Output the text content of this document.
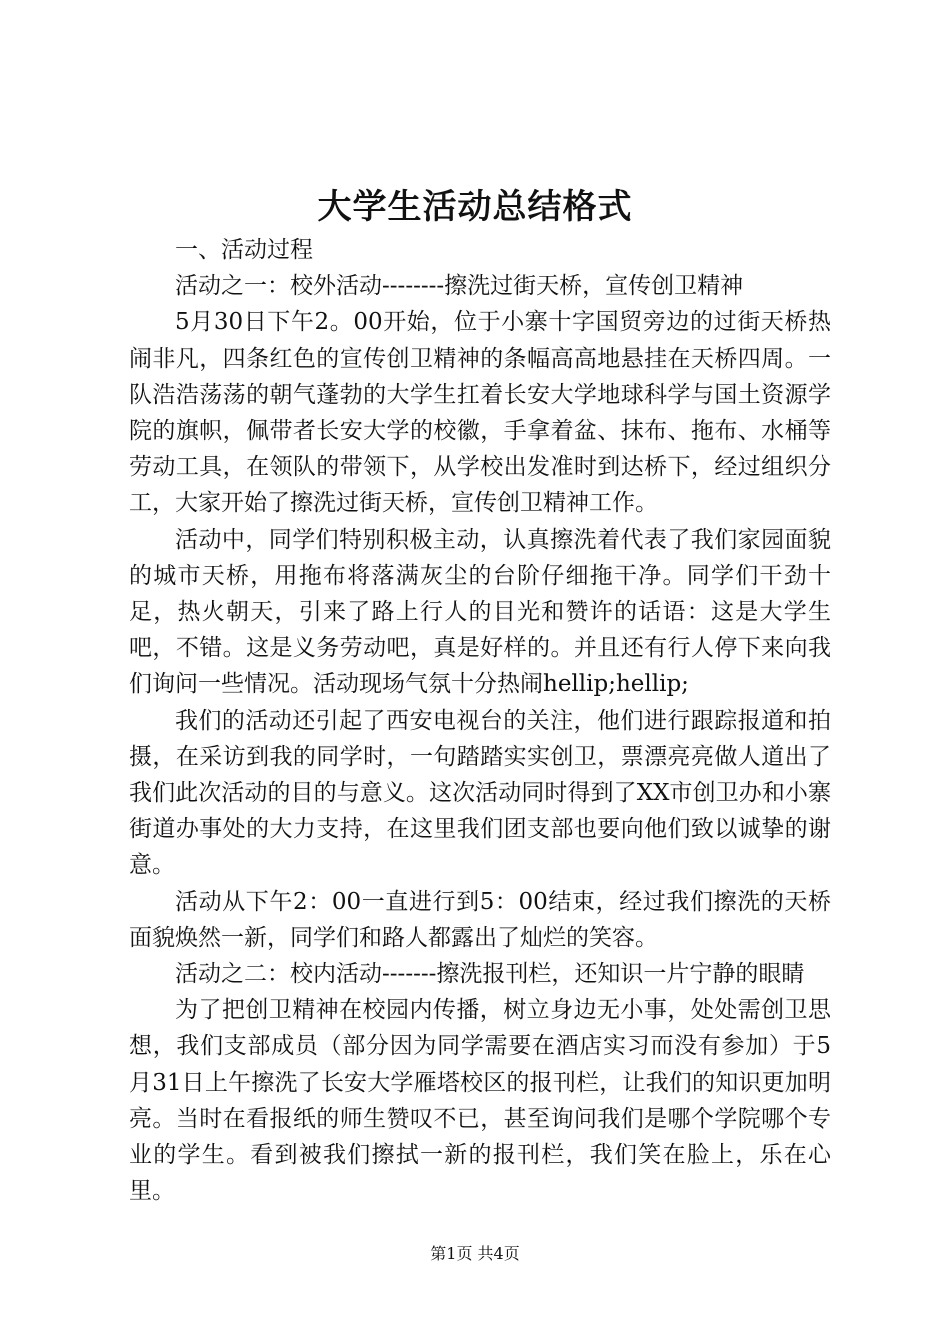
大学生活动总结格式

一、活动过程

活动之一：校外活动--------擦洗过街天桥，宣传创卫精神

5月30日下午2。00开始，位于小寨十字国贸旁边的过街天桥热闹非凡，四条红色的宣传创卫精神的条幅高高地悬挂在天桥四周。一队浩浩荡荡的朝气蓬勃的大学生扛着长安大学地球科学与国土资源学院的旗帜，佩带者长安大学的校徽，手拿着盆、抹布、拖布、水桶等劳动工具，在领队的带领下，从学校出发准时到达桥下，经过组织分工，大家开始了擦洗过街天桥，宣传创卫精神工作。

活动中，同学们特别积极主动，认真擦洗着代表了我们家园面貌的城市天桥，用拖布将落满灰尘的台阶仔细拖干净。同学们干劲十足，热火朝天，引来了路上行人的目光和赞许的话语：这是大学生吧，不错。这是义务劳动吧，真是好样的。并且还有行人停下来向我们询问一些情况。活动现场气氛十分热闹hellip;hellip;

我们的活动还引起了西安电视台的关注，他们进行跟踪报道和拍摄，在采访到我的同学时，一句踏踏实实创卫，票漂亮亮做人道出了我们此次活动的目的与意义。这次活动同时得到了XX市创卫办和小寨街道办事处的大力支持，在这里我们团支部也要向他们致以诚挚的谢意。

活动从下午2：00一直进行到5：00结束，经过我们擦洗的天桥面貌焕然一新，同学们和路人都露出了灿烂的笑容。

活动之二：校内活动-------擦洗报刊栏，还知识一片宁静的眼睛

为了把创卫精神在校园内传播，树立身边无小事，处处需创卫思想，我们支部成员（部分因为同学需要在酒店实习而没有参加）于5月31日上午擦洗了长安大学雁塔校区的报刊栏，让我们的知识更加明亮。当时在看报纸的师生赞叹不已，甚至询问我们是哪个学院哪个专业的学生。看到被我们擦拭一新的报刊栏，我们笑在脸上，乐在心里。

第1页 共4页
